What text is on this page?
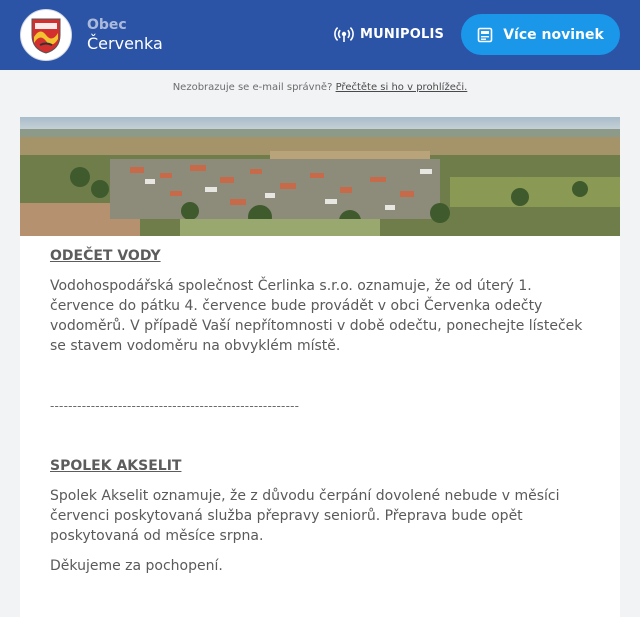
Obec
Červenka	MUNIPOLIS	Více novinek
Nezobrazuje se e-mail správně? Přečtěte si ho v prohlížeči.
ODEČET VODY

Vodohospodářská společnost Čerlinka s.r.o. oznamuje, že od úterý 1. července do pátku 4. července bude provádět v obci Červenka odečty vodoměrů. V případě Vaší nepřítomnosti v době odečtu, ponechejte lísteček se stavem vodoměru na obvyklém místě.

-------------------------------------------------------
SPOLEK AKSELIT

Spolek Akselit oznamuje, že z důvodu čerpání dovolené nebude v měsíci červenci poskytovaná služba přepravy seniorů. Přeprava bude opět poskytovaná od měsíce srpna.

Děkujeme za pochopení.
